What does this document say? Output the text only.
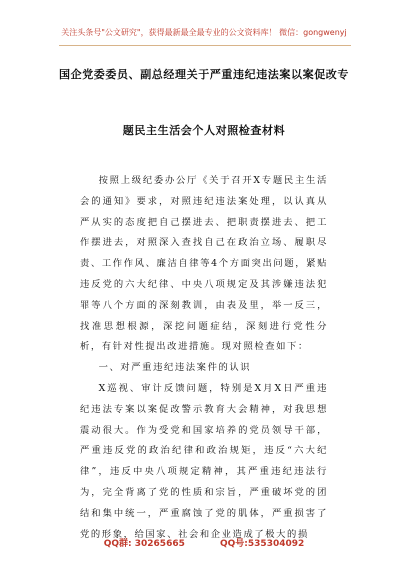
关注头条号"公文研究"，获得最新最全最专业的公文资料库！ 微信：gongwenyj
国企党委委员、副总经理关于严重违纪违法案以案促改专
题民主生活会个人对照检查材料

按照上级纪委办公厅《关于召开X专题民主生活会的通知》要求，对照违纪违法案处理，以认真从严从实的态度把自己摆进去、把职责摆进去、把工作摆进去，对照深入查找自己在政治立场、履职尽责、工作作风、廉洁自律等4个方面突出问题，紧贴违反党的六大纪律、中央八项规定及其涉嫌违法犯罪等八个方面的深刻教训，由表及里，举一反三，找准思想根源，深挖问题症结，深刻进行党性分析，有针对性提出改进措施。现对照检查如下：

一、对严重违纪违法案件的认识

X巡视、审计反馈问题，特别是X月X日严重违纪违法专案以案促改警示教育大会精神，对我思想震动很大。作为受党和国家培养的党员领导干部，严重违反党的政治纪律和政治规矩，违反“六大纪律”，违反中央八项规定精神，其严重违纪违法行为，完全背离了党的性质和宗旨，严重破坏党的团结和集中统一，严重腐蚀了党的肌体，严重损害了党的形象，给国家、社会和企业造成了极大的损

QQ群: 30265665	QQ号:535304092
